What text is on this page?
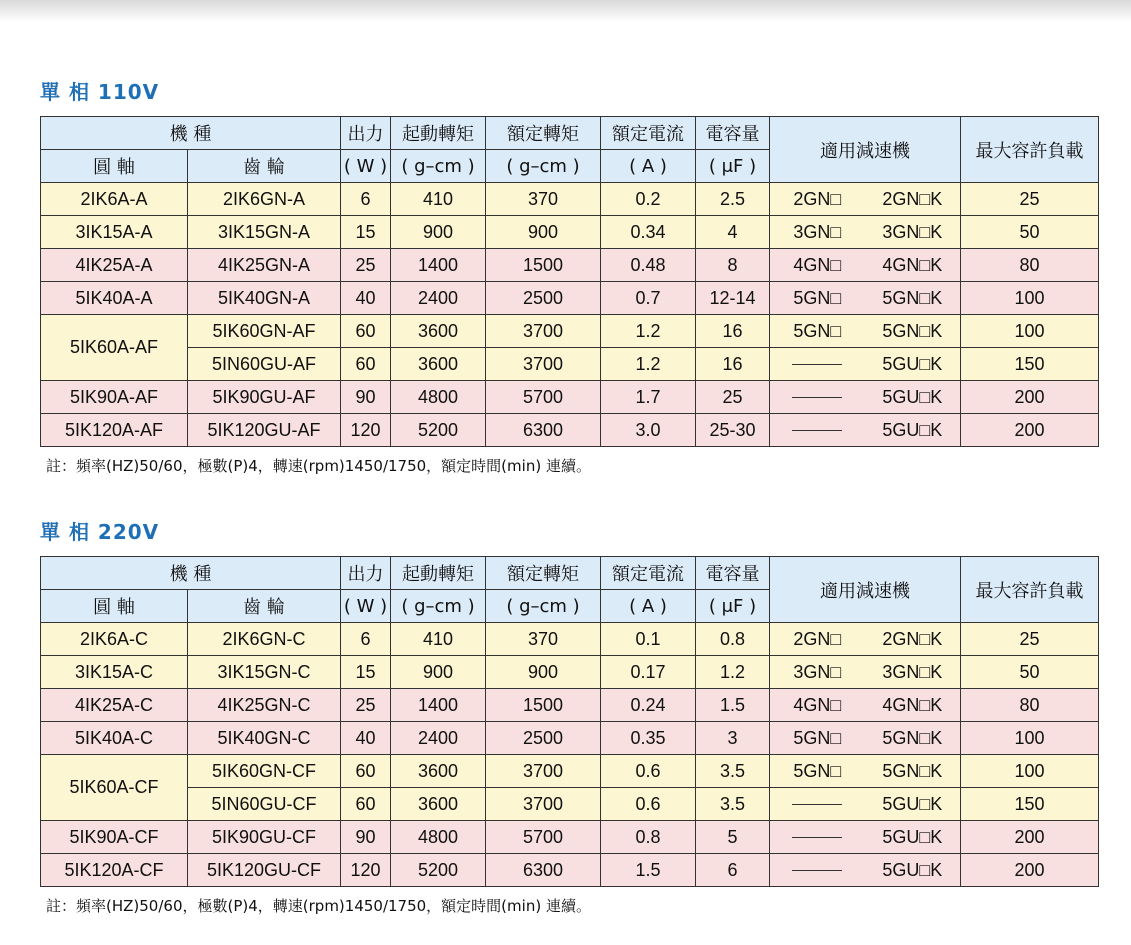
單 相 110V
機 種		出力	起動轉矩	額定轉矩	額定電流	電容量	適用減速機		最大容許負載
圓 軸	齒 輪	( W )	( g–cm )	( g–cm )	( A )	( μF )			
2IK6A-A	2IK6GN-A	6	410	370	0.2	2.5	2GN□	2GN□K	25
3IK15A-A	3IK15GN-A	15	900	900	0.34	4	3GN□	3GN□K	50
4IK25A-A	4IK25GN-A	25	1400	1500	0.48	8	4GN□	4GN□K	80
5IK40A-A	5IK40GN-A	40	2400	2500	0.7	12-14	5GN□	5GN□K	100
5IK60A-AF	5IK60GN-AF	60	3600	3700	1.2	16	5GN□	5GN□K	100
	5IN60GU-AF	60	3600	3700	1.2	16		5GU□K	150
5IK90A-AF	5IK90GU-AF	90	4800	5700	1.7	25		5GU□K	200
5IK120A-AF	5IK120GU-AF	120	5200	6300	3.0	25-30		5GU□K	200
註：頻率(HZ)50/60，極數(P)4，轉速(rpm)1450/1750，額定時間(min) 連續。
單 相 220V
機 種		出力	起動轉矩	額定轉矩	額定電流	電容量	適用減速機		最大容許負載
圓 軸	齒 輪	( W )	( g–cm )	( g–cm )	( A )	( μF )			
2IK6A-C	2IK6GN-C	6	410	370	0.1	0.8	2GN□	2GN□K	25
3IK15A-C	3IK15GN-C	15	900	900	0.17	1.2	3GN□	3GN□K	50
4IK25A-C	4IK25GN-C	25	1400	1500	0.24	1.5	4GN□	4GN□K	80
5IK40A-C	5IK40GN-C	40	2400	2500	0.35	3	5GN□	5GN□K	100
5IK60A-CF	5IK60GN-CF	60	3600	3700	0.6	3.5	5GN□	5GN□K	100
	5IN60GU-CF	60	3600	3700	0.6	3.5		5GU□K	150
5IK90A-CF	5IK90GU-CF	90	4800	5700	0.8	5		5GU□K	200
5IK120A-CF	5IK120GU-CF	120	5200	6300	1.5	6		5GU□K	200
註：頻率(HZ)50/60，極數(P)4，轉速(rpm)1450/1750，額定時間(min) 連續。
